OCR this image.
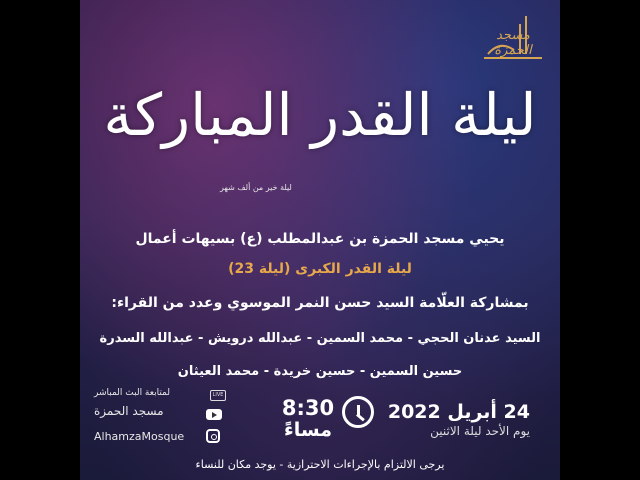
مسجد الحمزة
ليلة القدر المباركة
ليلة خير من ألف شهر
يحيي مسجد الحمزة بن عبدالمطلب (ع) بسيهات أعمال
ليلة القدر الكبرى (ليلة 23)
بمشاركة العلّامة السيد حسن النمر الموسوي وعدد من القراء:
السيد عدنان الحجي - محمد السمين - عبدالله درويش - عبدالله السدرة
حسين السمين - حسين خريدة - محمد العيثان
24 أبريل 2022
يوم الأحد ليلة الاثنين
8:30
مساءً
لمتابعة البث المباشر	LIVE
مسجد الحمزة
AlhamzaMosque
يرجى الالتزام بالإجراءات الاحترازية - يوجد مكان للنساء
